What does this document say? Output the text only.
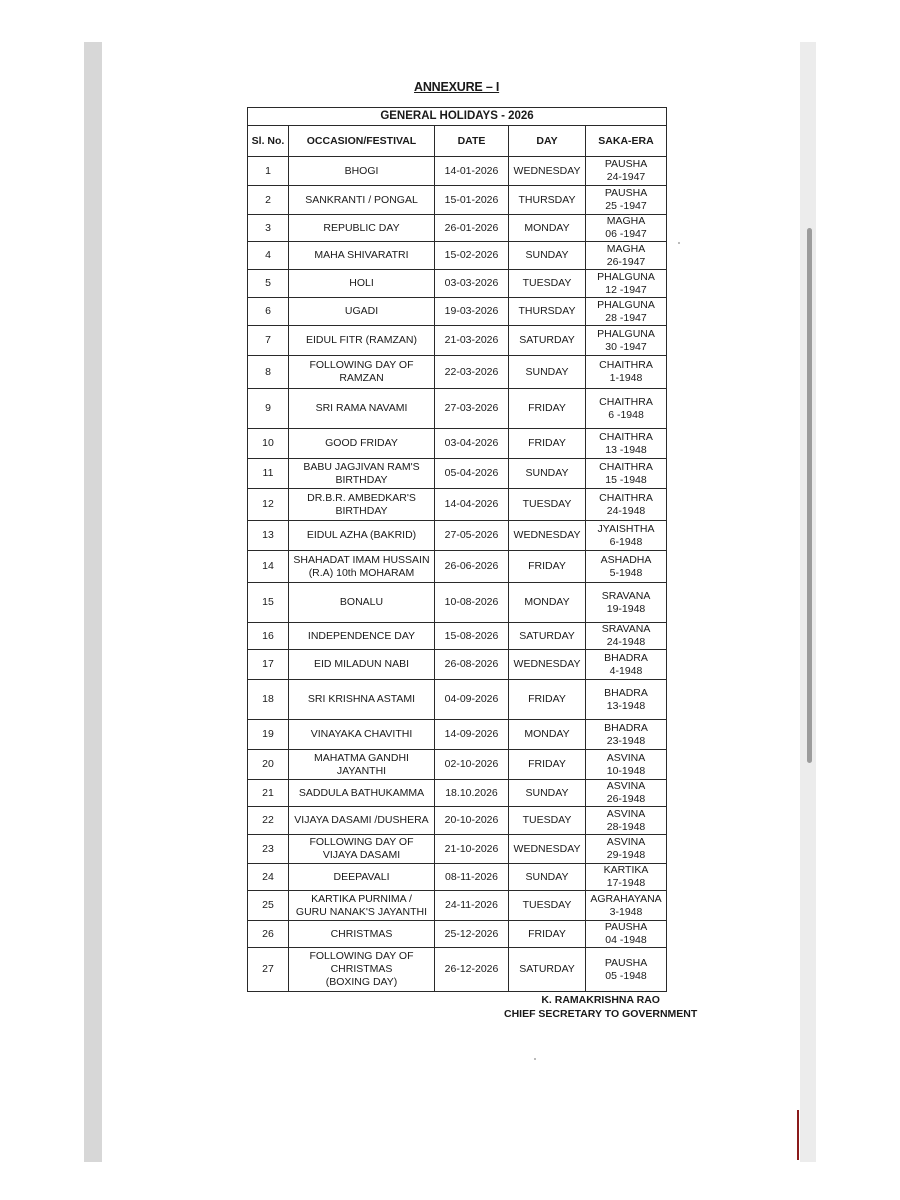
ANNEXURE – I
GENERAL HOLIDAYS - 2026				
Sl. No.	OCCASION/FESTIVAL	DATE	DAY	SAKA-ERA
1	BHOGI	14-01-2026	WEDNESDAY	PAUSHA
24-1947
2	SANKRANTI / PONGAL	15-01-2026	THURSDAY	PAUSHA
25 -1947
3	REPUBLIC DAY	26-01-2026	MONDAY	MAGHA
06 -1947
4	MAHA SHIVARATRI	15-02-2026	SUNDAY	MAGHA
26-1947
5	HOLI	03-03-2026	TUESDAY	PHALGUNA
12 -1947
6	UGADI	19-03-2026	THURSDAY	PHALGUNA
28 -1947
7	EIDUL FITR (RAMZAN)	21-03-2026	SATURDAY	PHALGUNA
30 -1947
8	FOLLOWING DAY OF
RAMZAN	22-03-2026	SUNDAY	CHAITHRA
1-1948
9	SRI RAMA NAVAMI	27-03-2026	FRIDAY	CHAITHRA
6 -1948
10	GOOD FRIDAY	03-04-2026	FRIDAY	CHAITHRA
13 -1948
11	BABU JAGJIVAN RAM'S
BIRTHDAY	05-04-2026	SUNDAY	CHAITHRA
15 -1948
12	DR.B.R. AMBEDKAR'S
BIRTHDAY	14-04-2026	TUESDAY	CHAITHRA
24-1948
13	EIDUL AZHA (BAKRID)	27-05-2026	WEDNESDAY	JYAISHTHA
6-1948
14	SHAHADAT IMAM HUSSAIN
(R.A) 10th MOHARAM	26-06-2026	FRIDAY	ASHADHA
5-1948
15	BONALU	10-08-2026	MONDAY	SRAVANA
19-1948
16	INDEPENDENCE DAY	15-08-2026	SATURDAY	SRAVANA
24-1948
17	EID MILADUN NABI	26-08-2026	WEDNESDAY	BHADRA
4-1948
18	SRI KRISHNA ASTAMI	04-09-2026	FRIDAY	BHADRA
13-1948
19	VINAYAKA CHAVITHI	14-09-2026	MONDAY	BHADRA
23-1948
20	MAHATMA GANDHI
JAYANTHI	02-10-2026	FRIDAY	ASVINA
10-1948
21	SADDULA BATHUKAMMA	18.10.2026	SUNDAY	ASVINA
26-1948
22	VIJAYA DASAMI /DUSHERA	20-10-2026	TUESDAY	ASVINA
28-1948
23	FOLLOWING DAY OF
VIJAYA DASAMI	21-10-2026	WEDNESDAY	ASVINA
29-1948
24	DEEPAVALI	08-11-2026	SUNDAY	KARTIKA
17-1948
25	KARTIKA PURNIMA /
GURU NANAK'S JAYANTHI	24-11-2026	TUESDAY	AGRAHAYANA
3-1948
26	CHRISTMAS	25-12-2026	FRIDAY	PAUSHA
04 -1948
27	FOLLOWING DAY OF
CHRISTMAS
(BOXING DAY)	26-12-2026	SATURDAY	PAUSHA
05 -1948
K. RAMAKRISHNA RAO
CHIEF SECRETARY TO GOVERNMENT
